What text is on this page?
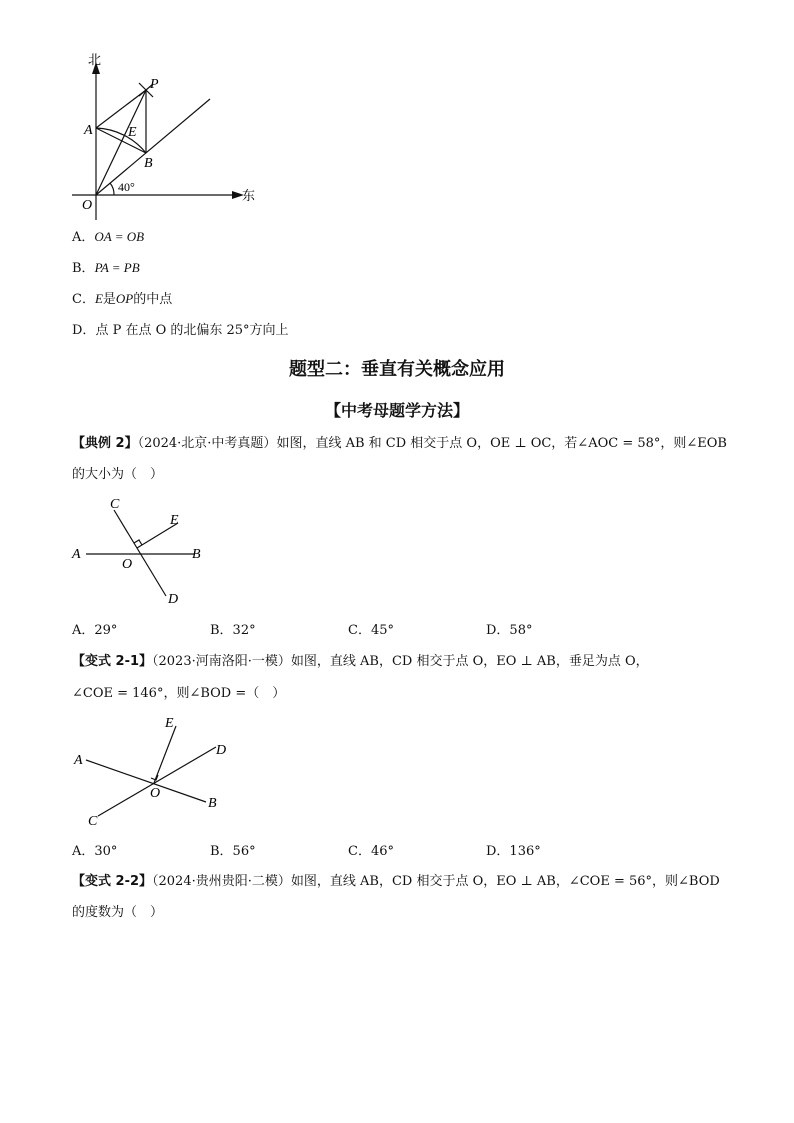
北
东
40°
P
A	E
B
O
A．OA = OB
B．PA = PB
C．E是OP的中点
D．点 P 在点 O 的北偏东 25°方向上
题型二：垂直有关概念应用
【中考母题学方法】
【典例 2】（2024·北京·中考真题）如图，直线 AB 和 CD 相交于点 O，OE ⊥ OC，若∠AOC = 58°，则∠EOB
的大小为（　）
C
E
A
O
B
D
A．29°	B．32°	C．45°	D．58°
【变式 2-1】（2023·河南洛阳·一模）如图，直线 AB，CD 相交于点 O，EO ⊥ AB，垂足为点 O，
∠COE = 146°，则∠BOD =（　）
E
D
A
O
B
C
A．30°	B．56°	C．46°	D．136°
【变式 2-2】（2024·贵州贵阳·二模）如图，直线 AB，CD 相交于点 O，EO ⊥ AB，∠COE = 56°，则∠BOD
的度数为（　）
